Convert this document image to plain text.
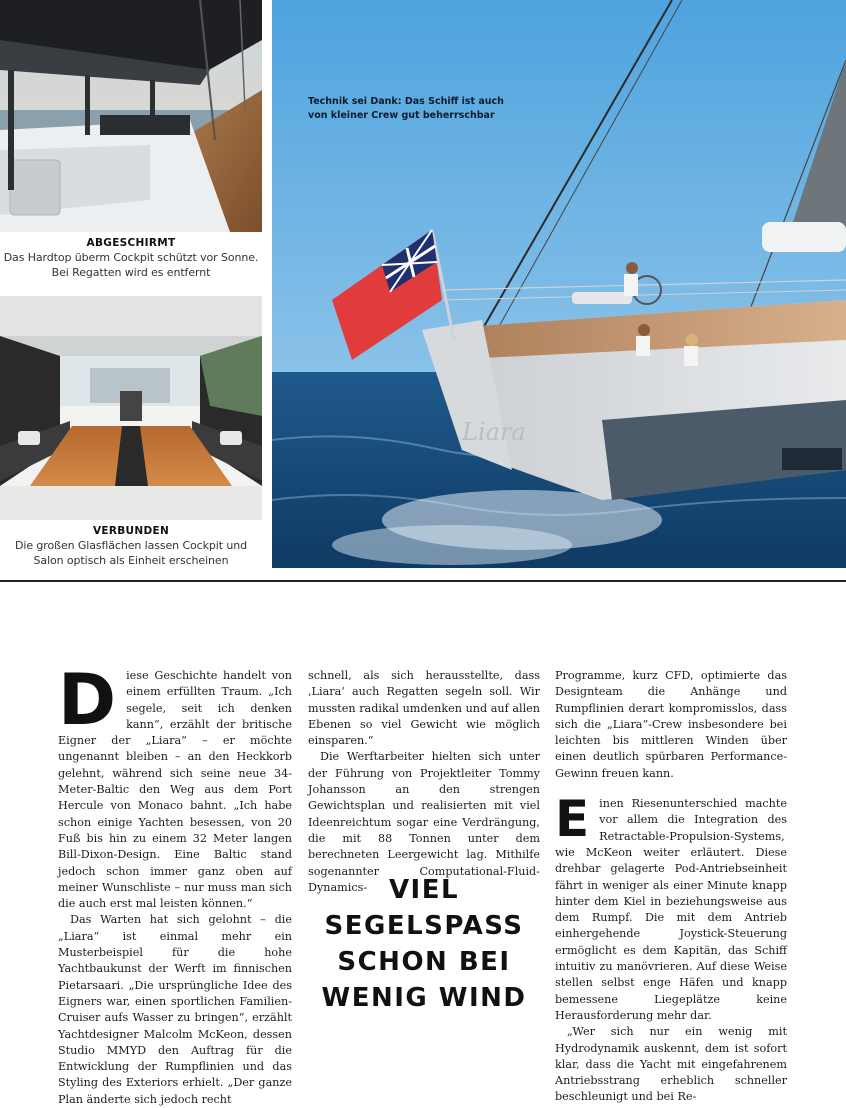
ABGESCHIRMT
Das Hardtop überm Cockpit schützt vor Sonne. Bei Regatten wird es entfernt
VERBUNDEN
Die großen Glasflächen lassen Cockpit und Salon optisch als Einheit erscheinen
Liara
Technik sei Dank: Das Schiff ist auch von kleiner Crew gut beherrschbar

Diese Geschichte handelt von einem erfüllten Traum. „Ich segele, seit ich denken kann“, erzählt der britische Eigner der „Liara“ – er möchte ungenannt bleiben – an den Heckkorb gelehnt, während sich seine neue 34-Meter-Baltic den Weg aus dem Port Hercule von Monaco bahnt. „Ich habe schon einige Yachten besessen, von 20 Fuß bis hin zu einem 32 Meter langen Bill-Dixon-Design. Eine Baltic stand jedoch schon immer ganz oben auf meiner Wunschliste – nur muss man sich die auch erst mal leisten können.“

Das Warten hat sich gelohnt – die „Liara“ ist einmal mehr ein Musterbeispiel für die hohe Yachtbaukunst der Werft im finnischen Pietarsaari. „Die ursprüngliche Idee des Eigners war, einen sportlichen Familien-Cruiser aufs Wasser zu bringen“, erzählt Yachtdesigner Malcolm McKeon, dessen Studio MMYD den Auftrag für die Entwicklung der Rumpflinien und das Styling des Exteriors erhielt. „Der ganze Plan änderte sich jedoch recht

schnell, als sich herausstellte, dass ‚Liara‘ auch Regatten segeln soll. Wir mussten radikal umdenken und auf allen Ebenen so viel Gewicht wie möglich einsparen.“

Die Werftarbeiter hielten sich unter der Führung von Projektleiter Tommy Johansson an den strengen Gewichtsplan und realisierten mit viel Ideenreichtum sogar eine Verdrängung, die mit 88 Tonnen unter dem berechneten Leergewicht lag. Mithilfe sogenannter Computational-Fluid-Dynamics- VIEL SEGELSPASS SCHON BEI WENIG WIND

Programme, kurz CFD, optimierte das Designteam die Anhänge und Rumpflinien derart kompromisslos, dass sich die „Liara“-Crew insbesondere bei leichten bis mittleren Winden über einen deutlich spürbaren Performance-Gewinn freuen kann.

Einen Riesenunterschied machte vor allem die Integration des Retractable-Propulsion-Systems, wie McKeon weiter erläutert. Diese drehbar gelagerte Pod-Antriebseinheit fährt in weniger als einer Minute knapp hinter dem Kiel in beziehungsweise aus dem Rumpf. Die mit dem Antrieb einhergehende Joystick-Steuerung ermöglicht es dem Kapitän, das Schiff intuitiv zu manövrieren. Auf diese Weise stellen selbst enge Häfen und knapp bemessene Liegeplätze keine Herausforderung mehr dar.

„Wer sich nur ein wenig mit Hydrodynamik auskennt, dem ist sofort klar, dass die Yacht mit eingefahrenem Antriebsstrang erheblich schneller beschleunigt und bei Re-
